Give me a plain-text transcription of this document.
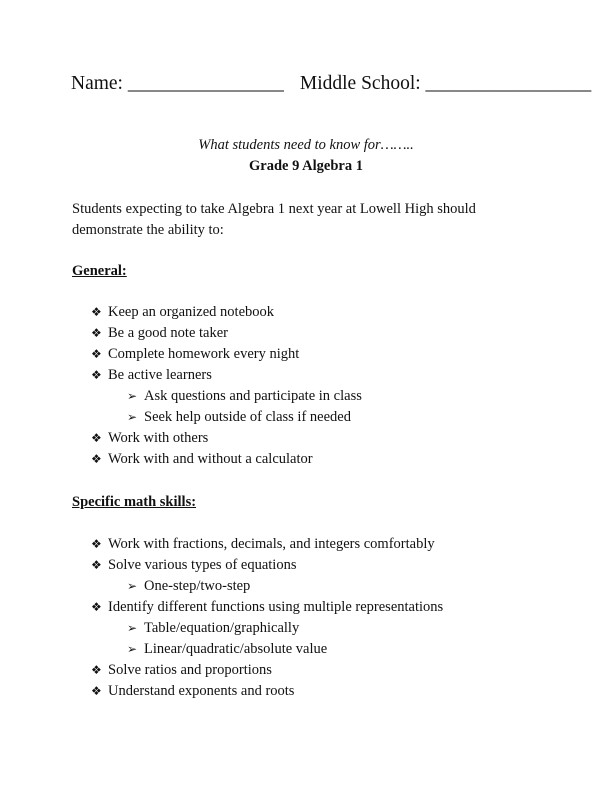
Name: ________________ Middle School: _________________
What students need to know for……..
Grade 9 Algebra 1
Students expecting to take Algebra 1 next year at Lowell High should demonstrate the ability to:
General:
❖ Keep an organized notebook
❖ Be a good note taker
❖ Complete homework every night
❖ Be active learners
➢ Ask questions and participate in class
➢ Seek help outside of class if needed
❖ Work with others
❖ Work with and without a calculator
Specific math skills:
❖ Work with fractions, decimals, and integers comfortably
❖ Solve various types of equations
➢ One-step/two-step
❖ Identify different functions using multiple representations
➢ Table/equation/graphically
➢ Linear/quadratic/absolute value
❖ Solve ratios and proportions
❖ Understand exponents and roots
